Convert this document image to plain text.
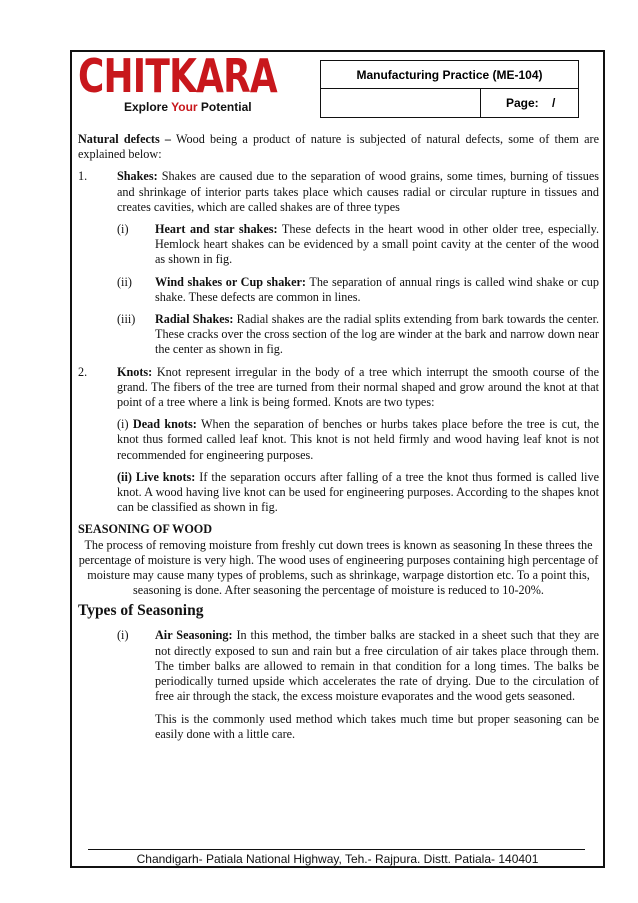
CHITKARA
Explore Your Potential
Manufacturing Practice (ME-104)
Page:    /

Natural defects – Wood being a product of nature is subjected of natural defects, some of them are explained below:

1.	Shakes: Shakes are caused due to the separation of wood grains, some times, burning of tissues and shrinkage of interior parts takes place which causes radial or circular rupture in tissues and creates cavities, which are called shakes are of three types
(i)	Heart and star shakes: These defects in the heart wood in other older tree, especially. Hemlock heart shakes can be evidenced by a small point cavity at the center of the wood as shown in fig.
(ii)	Wind shakes or Cup shaker: The separation of annual rings is called wind shake or cup shake. These defects are common in lines.
(iii)	Radial Shakes: Radial shakes are the radial splits extending from bark towards the center. These cracks over the cross section of the log are winder at the bark and narrow down near the center as shown in fig.
2.	Knots: Knot represent irregular in the body of a tree which interrupt the smooth course of the grand. The fibers of the tree are turned from their normal shaped and grow around the knot at that point of a tree where a link is being formed. Knots are two types:

(i) Dead knots: When the separation of benches or hurbs takes place before the tree is cut, the knot thus formed called leaf knot. This knot is not held firmly and wood having leaf knot is not recommended for engineering purposes.

(ii) Live knots: If the separation occurs after falling of a tree the knot thus formed is called live knot. A wood having live knot can be used for engineering purposes. According to the shapes knot can be classified as shown in fig.

SEASONING OF WOOD

The process of removing moisture from freshly cut down trees is known as seasoning In these threes the percentage of moisture is very high. The wood uses of engineering purposes containing high percentage of moisture may cause many types of problems, such as shrinkage, warpage distortion etc. To a point this, seasoning is done. After seasoning the percentage of moisture is reduced to 10-20%.

Types of Seasoning

(i)	Air Seasoning: In this method, the timber balks are stacked in a sheet such that they are not directly exposed to sun and rain but a free circulation of air takes place through them. The timber balks are allowed to remain in that condition for a long times. The balks be periodically turned upside which accelerates the rate of drying. Due to the circulation of free air through the stack, the excess moisture evaporates and the wood gets seasoned.

This is the commonly used method which takes much time but proper seasoning can be easily done with a little care.

Chandigarh- Patiala National Highway, Teh.- Rajpura. Distt. Patiala- 140401
